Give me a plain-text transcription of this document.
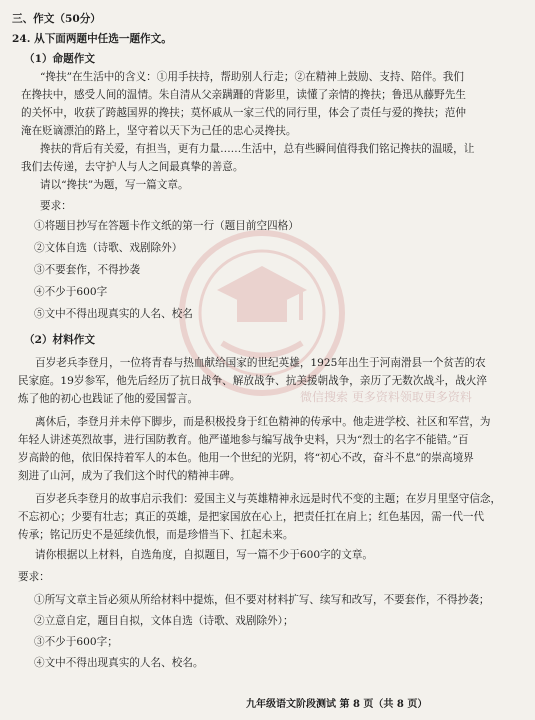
微信搜索 更多资料领取更多资料
三、作文（50分）
24. 从下面两题中任选一题作文。
（1）命题作文
“搀扶”在生活中的含义：①用手扶持，帮助别人行走；②在精神上鼓励、支持、陪伴。我们
在搀扶中，感受人间的温情。朱自清从父亲蹒跚的背影里，读懂了亲情的搀扶；鲁迅从藤野先生
的关怀中，收获了跨越国界的搀扶；莫怀戚从一家三代的同行里，体会了责任与爱的搀扶；范仲
淹在贬谪漂泊的路上，坚守着以天下为己任的忠心灵搀扶。
搀扶的背后有关爱，有担当，更有力量……生活中，总有些瞬间值得我们铭记搀扶的温暖，让
我们去传递，去守护人与人之间最真挚的善意。
请以“搀扶”为题，写一篇文章。
要求：
①将题目抄写在答题卡作文纸的第一行（题目前空四格）
②文体自选（诗歌、戏剧除外）
③不要套作，不得抄袭
④不少于600字
⑤文中不得出现真实的人名、校名
（2）材料作文
百岁老兵李登月，一位将青春与热血献给国家的世纪英雄，1925年出生于河南滑县一个贫苦的农
民家庭。19岁参军，他先后经历了抗日战争、解放战争、抗美援朝战争，亲历了无数次战斗，战火淬
炼了他的初心也践证了他的爱国誓言。
离休后，李登月并未停下脚步，而是积极投身于红色精神的传承中。他走进学校、社区和军营，为
年轻人讲述英烈故事，进行国防教育。他严谨地参与编写战争史料，只为“烈士的名字不能错。”百
岁高龄的他，依旧保持着军人的本色。他用一个世纪的光阴，将“初心不改，奋斗不息”的崇高境界
刻进了山河，成为了我们这个时代的精神丰碑。
百岁老兵李登月的故事启示我们：爱国主义与英雄精神永远是时代不变的主题；在岁月里坚守信念，
不忘初心；少要有壮志；真正的英雄，是把家国放在心上，把责任扛在肩上；红色基因，需一代一代
传承；铭记历史不是延续仇恨，而是珍惜当下、扛起未来。
请你根据以上材料，自选角度，自拟题目，写一篇不少于600字的文章。
要求：
①所写文章主旨必须从所给材料中提炼，但不要对材料扩写、续写和改写，不要套作，不得抄袭；
②立意自定，题目自拟，文体自选（诗歌、戏剧除外）；
③不少于600字；
④文中不得出现真实的人名、校名。
九年级语文阶段测试 第 8 页（共 8 页）
